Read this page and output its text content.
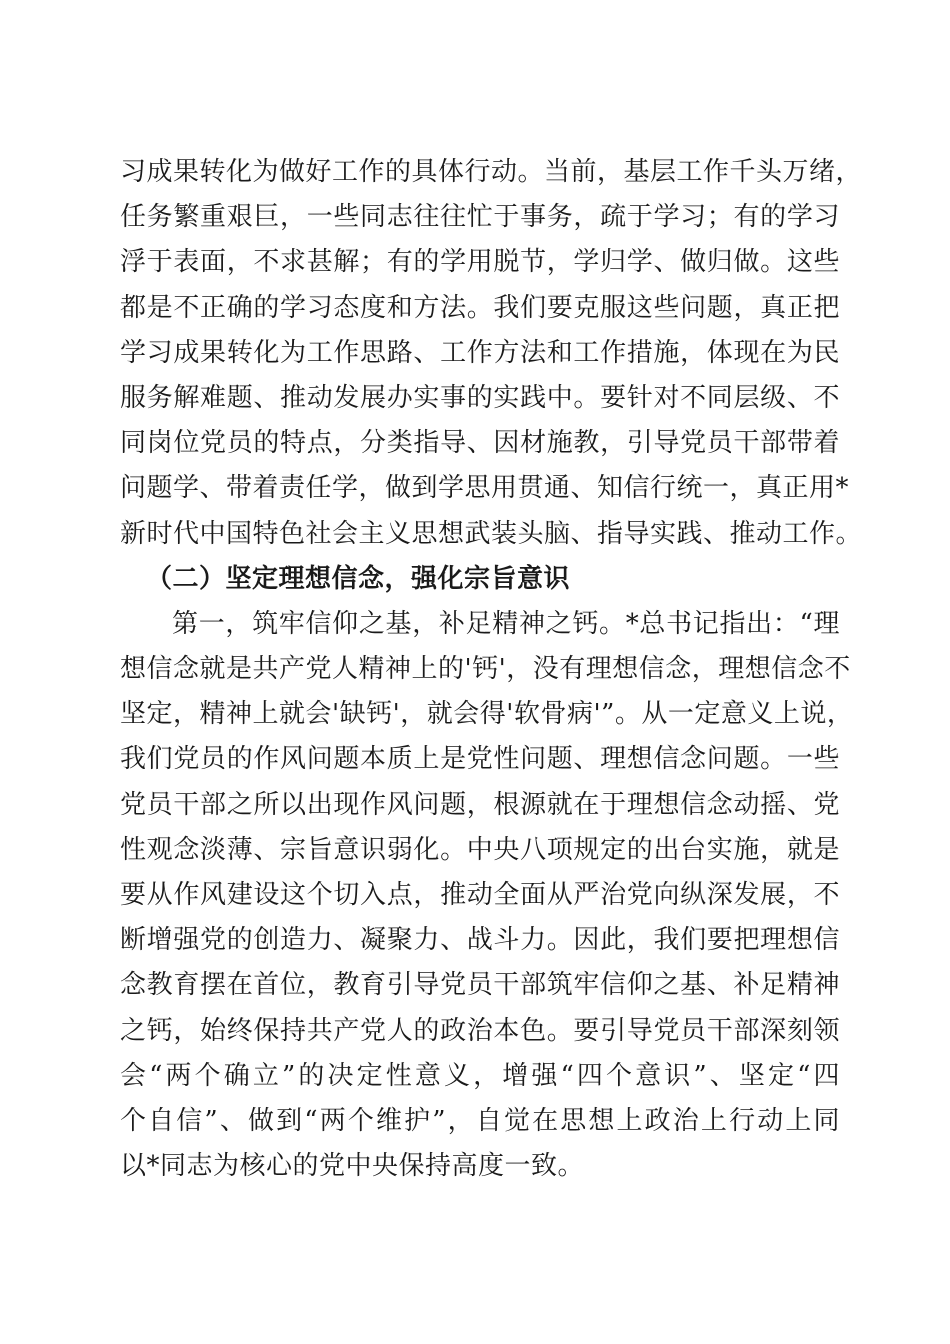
习成果转化为做好工作的具体行动。当前，基层工作千头万绪，
任务繁重艰巨，一些同志往往忙于事务，疏于学习；有的学习
浮于表面，不求甚解；有的学用脱节，学归学、做归做。这些
都是不正确的学习态度和方法。我们要克服这些问题，真正把
学习成果转化为工作思路、工作方法和工作措施，体现在为民
服务解难题、推动发展办实事的实践中。要针对不同层级、不
同岗位党员的特点，分类指导、因材施教，引导党员干部带着
问题学、带着责任学，做到学思用贯通、知信行统一，真正用*
新时代中国特色社会主义思想武装头脑、指导实践、推动工作。
（二）坚定理想信念，强化宗旨意识
第一，筑牢信仰之基，补足精神之钙。*总书记指出：“理
想信念就是共产党人精神上的'钙'，没有理想信念，理想信念不
坚定，精神上就会'缺钙'，就会得'软骨病'”。从一定意义上说，
我们党员的作风问题本质上是党性问题、理想信念问题。一些
党员干部之所以出现作风问题，根源就在于理想信念动摇、党
性观念淡薄、宗旨意识弱化。中央八项规定的出台实施，就是
要从作风建设这个切入点，推动全面从严治党向纵深发展，不
断增强党的创造力、凝聚力、战斗力。因此，我们要把理想信
念教育摆在首位，教育引导党员干部筑牢信仰之基、补足精神
之钙，始终保持共产党人的政治本色。要引导党员干部深刻领
会“两个确立”的决定性意义，增强“四个意识”、坚定“四
个自信”、做到“两个维护”，自觉在思想上政治上行动上同
以*同志为核心的党中央保持高度一致。
